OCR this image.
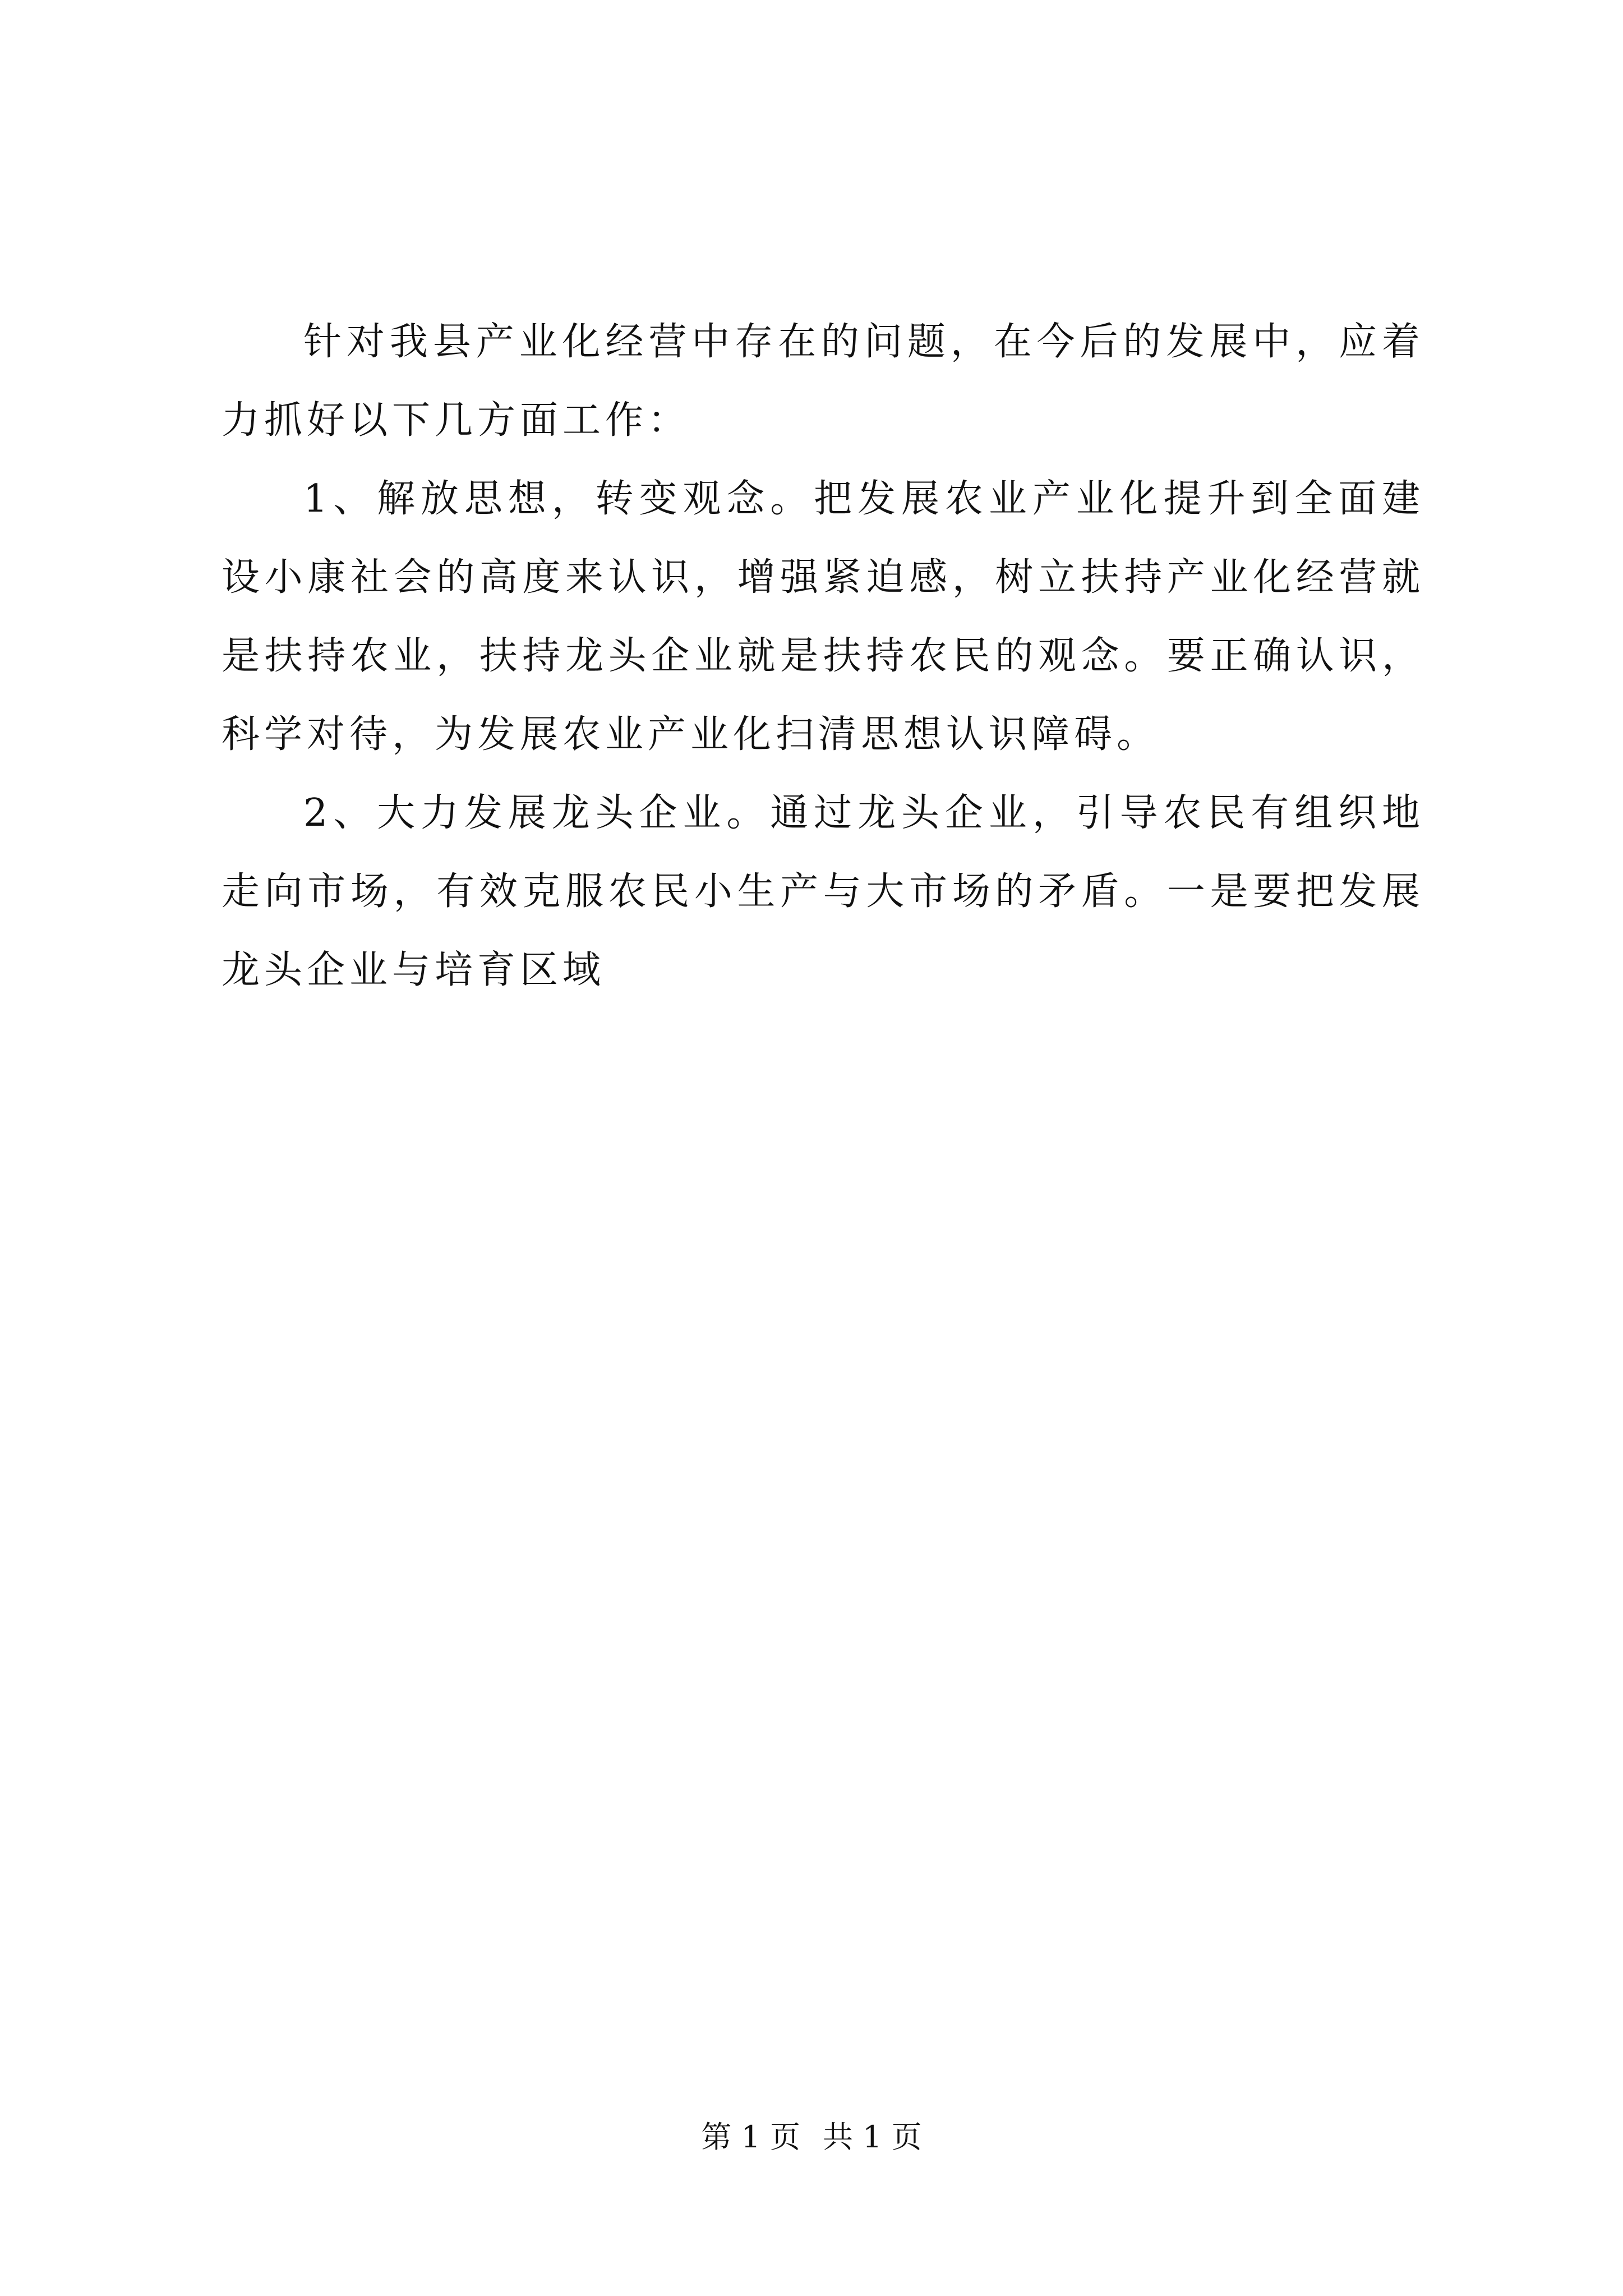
针对我县产业化经营中存在的问题，在今后的发展中，应着力抓好以下几方面工作：

1、解放思想，转变观念。把发展农业产业化提升到全面建设小康社会的高度来认识，增强紧迫感，树立扶持产业化经营就是扶持农业，扶持龙头企业就是扶持农民的观念。要正确认识，科学对待，为发展农业产业化扫清思想认识障碍。

2、大力发展龙头企业。通过龙头企业，引导农民有组织地走向市场，有效克服农民小生产与大市场的矛盾。一是要把发展龙头企业与培育区域

第 1 页 共 1 页
